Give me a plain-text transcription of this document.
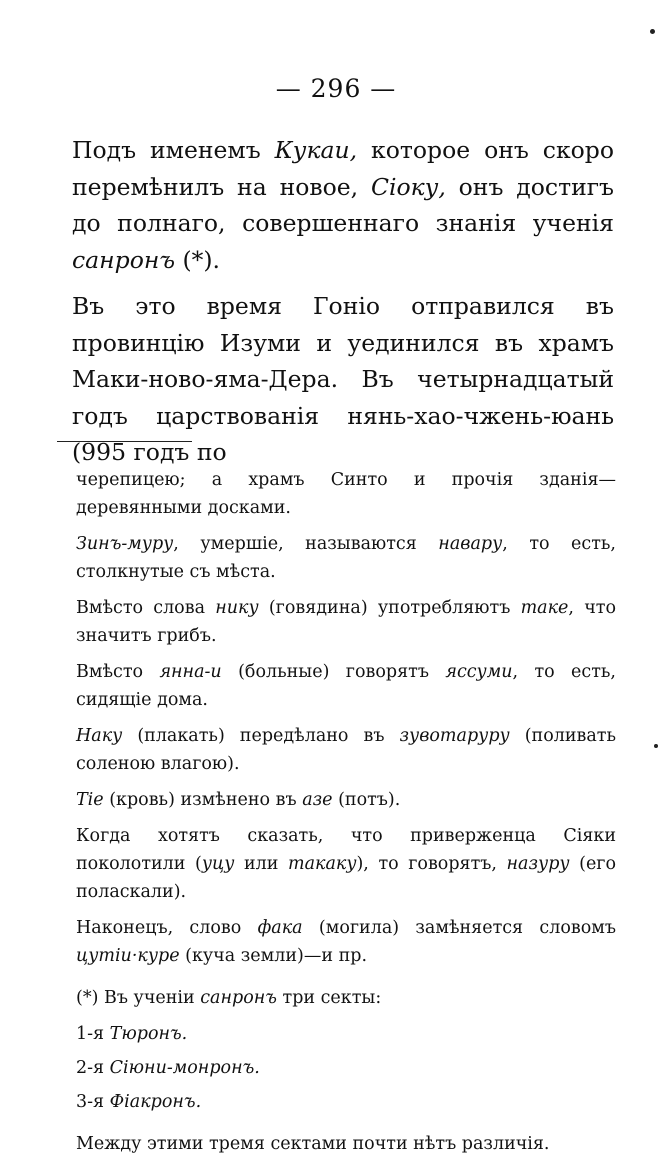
— 296 —

Подъ именемъ Кукаи, которое онъ скоро перемѣнилъ на новое, Сіоку, онъ достигъ до полнаго, совершеннаго знанія ученія санронъ (*).

Въ это время Гоніо отправился въ провинцію Изуми и уединился въ храмъ Маки-ново-яма-Дера. Въ четырнадцатый годъ царствованія нянь-хао-чжень-юань (995 годъ по

черепицею; а храмъ Синто и прочія зданія—деревянными досками.

Зинъ-муру, умершіе, называются навару, то есть, столкнутые съ мѣста.

Вмѣсто слова нику (говядина) употребляютъ таке, что значитъ грибъ.

Вмѣсто янна-и (больные) говорятъ яссуми, то есть, сидящіе дома.

Наку (плакать) передѣлано въ зувотаруру (поливать соленою влагою).

Тіе (кровь) измѣнено въ азе (потъ).

Когда хотятъ сказать, что приверженца Сіяки поколотили (уцу или такаку), то говорятъ, назуру (его поласкали).

Наконецъ, слово фака (могила) замѣняется словомъ цутіи·куре (куча земли)—и пр.

(*) Въ ученіи санронъ три секты:

1-я Тюронъ.

2-я Сіюни-монронъ.

3-я Фіакронъ.

Между этими тремя сектами почти нѣтъ различія.
